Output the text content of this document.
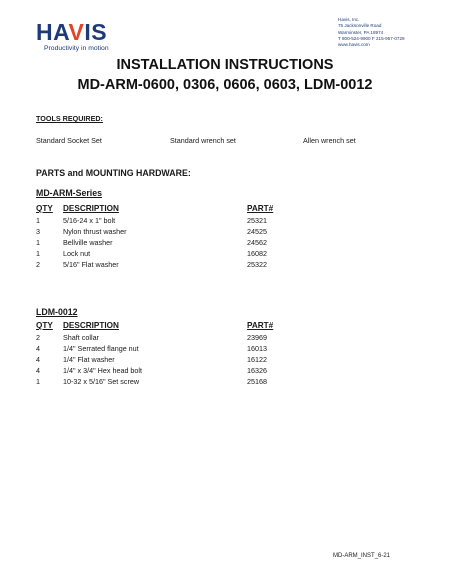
HAVIS
Productivity in motion
Havis, Inc.
75 Jacksonville Road
Warminster, PA 18974
T 800-524-9900 F 215-957-0729
www.havis.com
INSTALLATION INSTRUCTIONS
MD-ARM-0600, 0306, 0606, 0603, LDM-0012
TOOLS REQUIRED:
Standard Socket Set	Standard wrench set	Allen wrench set
PARTS and MOUNTING HARDWARE:
MD-ARM-Series
QTY DESCRIPTION	PART#
1	5/16-24 x 1" bolt	25321
3	Nylon thrust washer	24525
1	Bellville washer	24562
1	Lock nut	16082
2	5/16" Flat washer	25322
LDM-0012
QTY DESCRIPTION	PART#
2	Shaft collar	23969
4	1/4" Serrated flange nut	16013
4	1/4" Flat washer	16122
4	1/4" x 3/4" Hex head bolt	16326
1	10-32 x 5/16" Set screw	25168
MD-ARM_INST_6-21
